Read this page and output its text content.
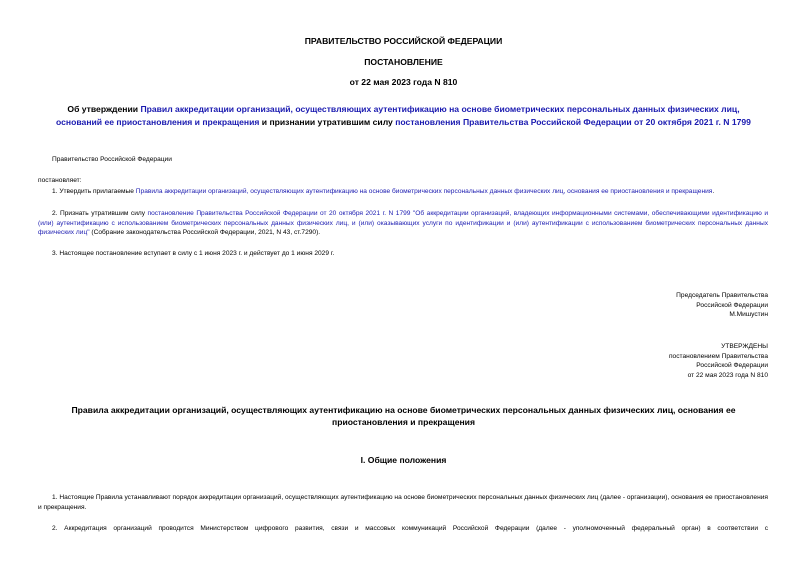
ПРАВИТЕЛЬСТВО РОССИЙСКОЙ ФЕДЕРАЦИИ
ПОСТАНОВЛЕНИЕ
от 22 мая 2023 года N 810
Об утверждении Правил аккредитации организаций, осуществляющих аутентификацию на основе биометрических персональных данных физических лиц,
оснований ее приостановления и прекращения и признании утратившим силу постановления Правительства Российской Федерации от 20 октября 2021 г. N 1799
Правительство Российской Федерации
постановляет:
1. Утвердить прилагаемые Правила аккредитации организаций, осуществляющих аутентификацию на основе биометрических персональных данных физических лиц, основания ее приостановления и прекращения.
2. Признать утратившим силу постановление Правительства Российской Федерации от 20 октября 2021 г. N 1799 "Об аккредитации организаций, владеющих информационными системами, обеспечивающими идентификацию и (или) аутентификацию с использованием биометрических персональных данных физических лиц, и (или) оказывающих услуги по идентификации и (или) аутентификации с использованием биометрических персональных данных физических лиц" (Собрание законодательства Российской Федерации, 2021, N 43, ст.7290).
3. Настоящее постановление вступает в силу с 1 июня 2023 г. и действует до 1 июня 2029 г.
Председатель Правительства
Российской Федерации
М.Мишустин
УТВЕРЖДЕНЫ
постановлением Правительства
Российской Федерации
от 22 мая 2023 года N 810
Правила аккредитации организаций, осуществляющих аутентификацию на основе биометрических персональных данных физических лиц, основания ее
приостановления и прекращения
I. Общие положения
1. Настоящие Правила устанавливают порядок аккредитации организаций, осуществляющих аутентификацию на основе биометрических персональных данных физических лиц (далее - организации), основания ее приостановления и прекращения.
2. Аккредитация организаций проводится Министерством цифрового развития, связи и массовых коммуникаций Российской Федерации (далее - уполномоченный федеральный орган) в соответствии с
